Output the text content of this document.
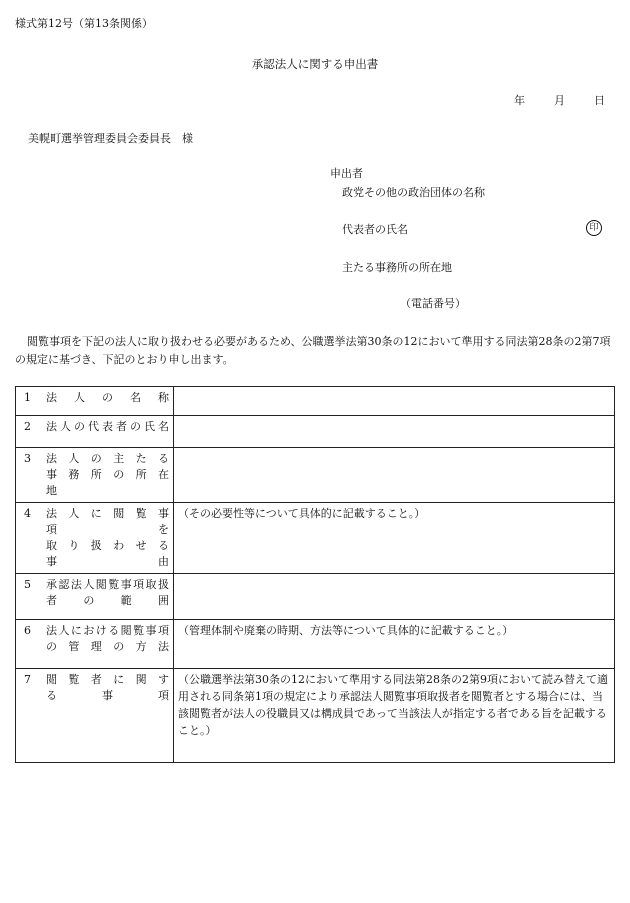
様式第12号（第13条関係）
承認法人に関する申出書
年	月	日
美幌町選挙管理委員会委員長　様
申出者
政党その他の政治団体の名称
代表者の氏名	印
主たる事務所の所在地
（電話番号）
閲覧事項を下記の法人に取り扱わせる必要があるため、公職選挙法第30条の12において準用する同法第28条の2第7項の規定に基づき、下記のとおり申し出ます。
1 法人の名称	

2 法人の代表者の氏名	

3 法　人　の　主　た　る
事　務　所　の　所　在　地	

4 法　人　に　閲　覧　事　項　を
取　り　扱　わ　せ　る　事　由	（その必要性等について具体的に記載すること。）

5 承認法人閲覧事項取扱
者　の　範　囲	

6 法人における閲覧事項
の　管　理　の　方　法	（管理体制や廃棄の時期、方法等について具体的に記載すること。）

7 閲　覧　者　に　関　す　る　事　項	（公職選挙法第30条の12において準用する同法第28条の2第9項において読み替えて適用される同条第1項の規定により承認法人閲覧事項取扱者を閲覧者とする場合には、当該閲覧者が法人の役職員又は構成員であって当該法人が指定する者である旨を記載すること。）
